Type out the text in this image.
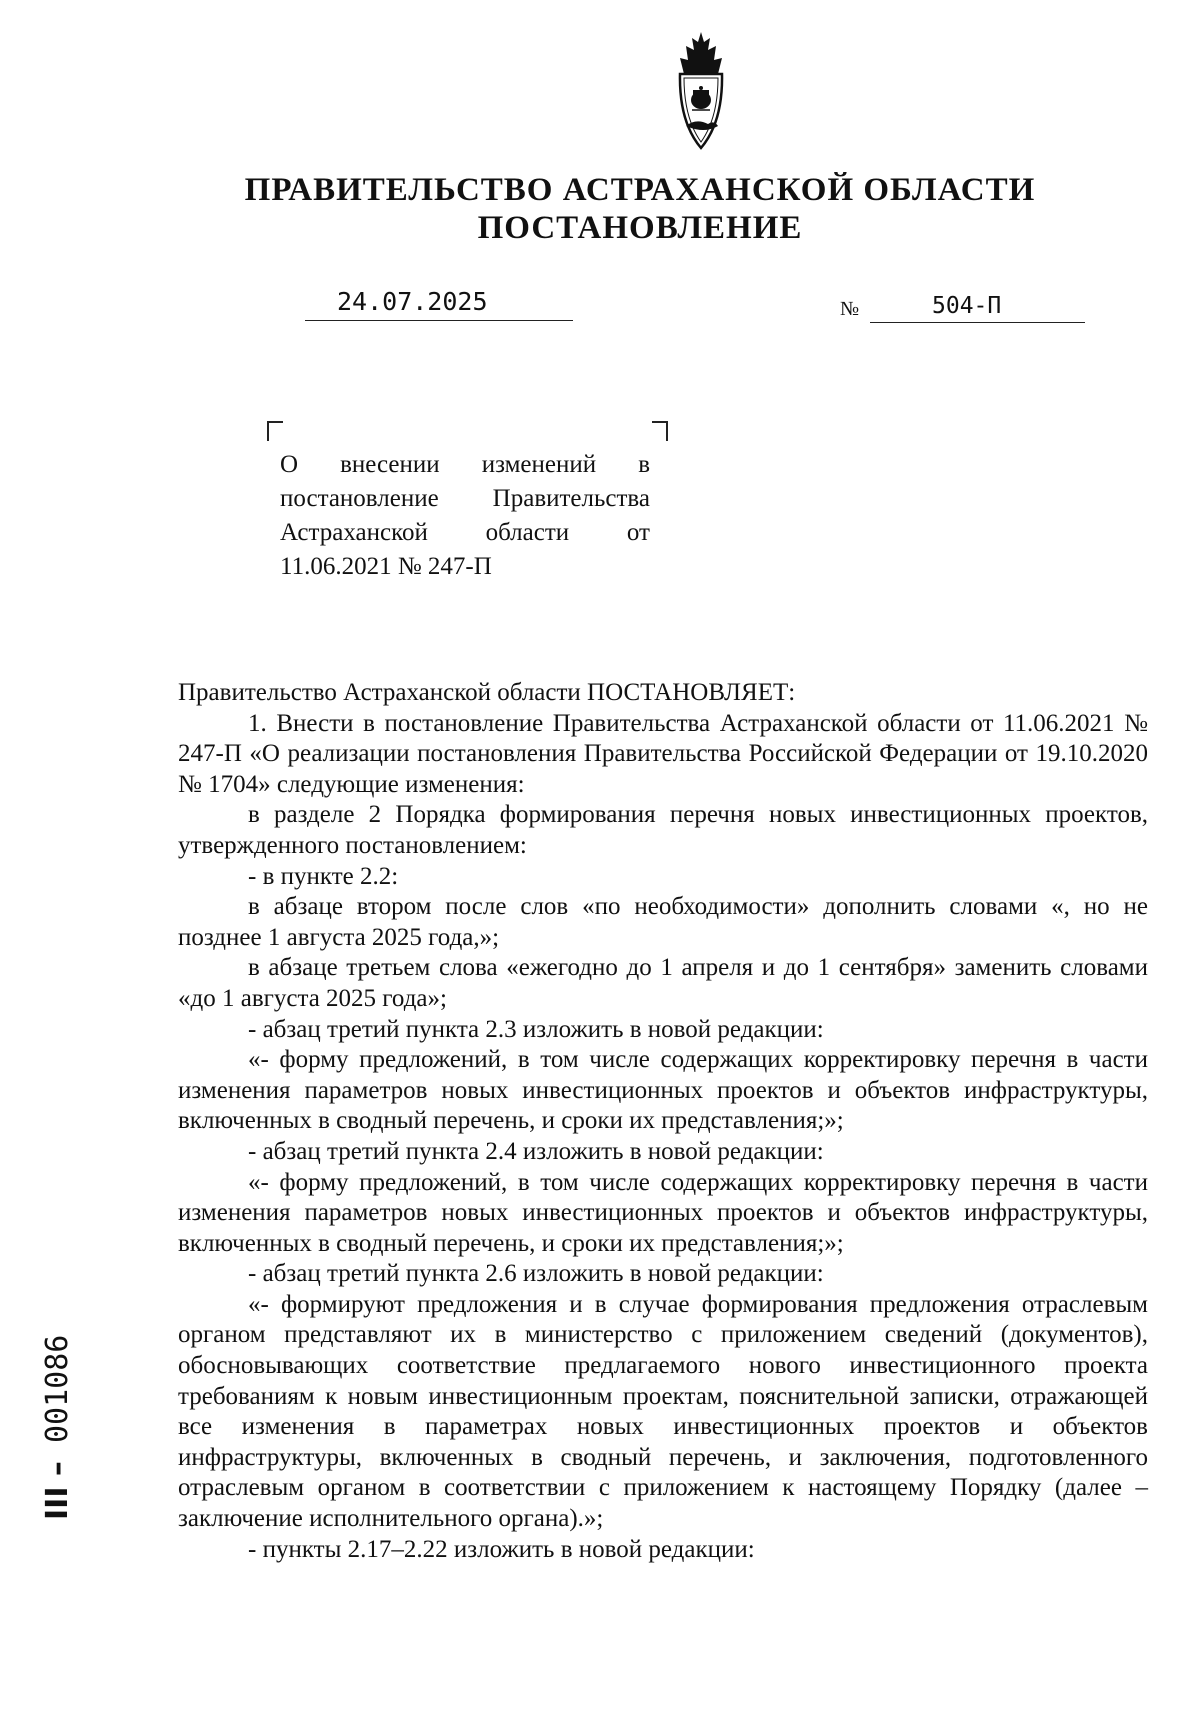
ПРАВИТЕЛЬСТВО АСТРАХАНСКОЙ ОБЛАСТИ
ПОСТАНОВЛЕНИЕ
24.07.2025	№	504-П
О внесении изменений в
постановление Правительства
Астраханской области от
11.06.2021 № 247-П

Правительство Астраханской области ПОСТАНОВЛЯЕТ:

1. Внести в постановление Правительства Астраханской области от 11.06.2021 № 247-П «О реализации постановления Правительства Российской Федерации от 19.10.2020 № 1704» следующие изменения:

в разделе 2 Порядка формирования перечня новых инвестиционных проектов, утвержденного постановлением:

- в пункте 2.2:

в абзаце втором после слов «по необходимости» дополнить словами «, но не позднее 1 августа 2025 года,»;

в абзаце третьем слова «ежегодно до 1 апреля и до 1 сентября» заменить словами «до 1 августа 2025 года»;

- абзац третий пункта 2.3 изложить в новой редакции:

«- форму предложений, в том числе содержащих корректировку перечня в части изменения параметров новых инвестиционных проектов и объектов инфраструктуры, включенных в сводный перечень, и сроки их представления;»;

- абзац третий пункта 2.4 изложить в новой редакции:

«- форму предложений, в том числе содержащих корректировку перечня в части изменения параметров новых инвестиционных проектов и объектов инфраструктуры, включенных в сводный перечень, и сроки их представления;»;

- абзац третий пункта 2.6 изложить в новой редакции:

«- формируют предложения и в случае формирования предложения отраслевым органом представляют их в министерство с приложением сведений (документов), обосновывающих соответствие предлагаемого нового инвестиционного проекта требованиям к новым инвестиционным проектам, пояснительной записки, отражающей все изменения в параметрах новых инвестиционных проектов и объектов инфраструктуры, включенных в сводный перечень, и заключения, подготовленного отраслевым органом в соответствии с приложением к настоящему Порядку (далее – заключение исполнительного органа).»;

- пункты 2.17–2.22 изложить в новой редакции:

III – 001086
